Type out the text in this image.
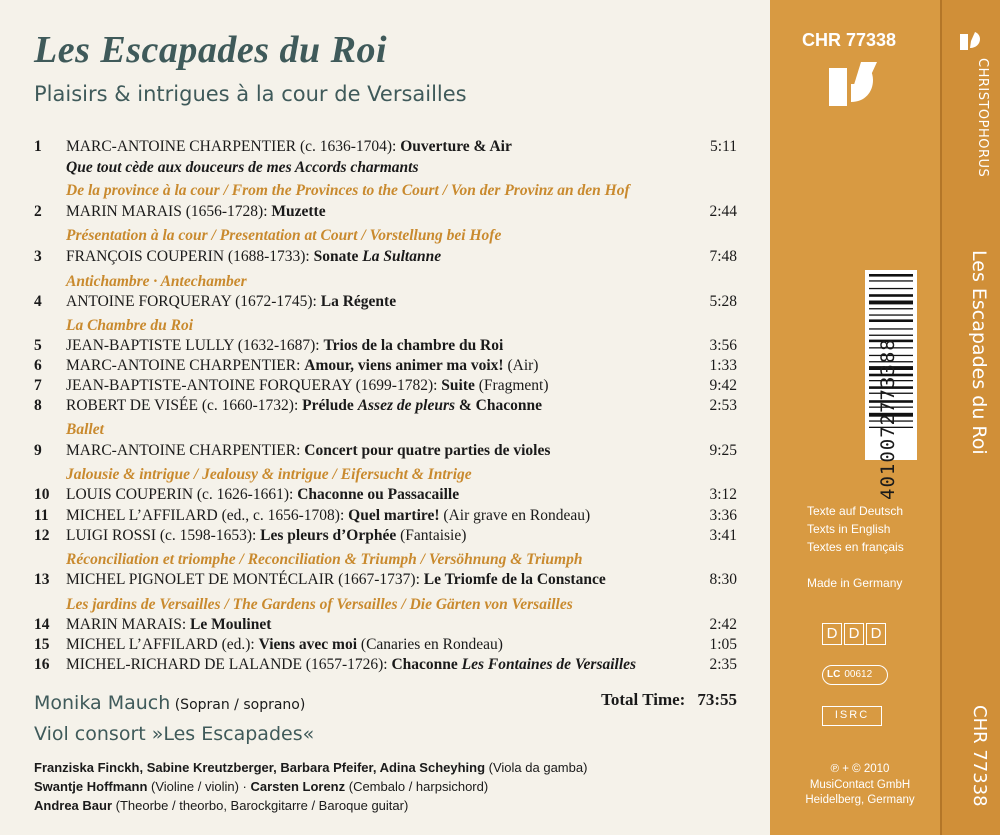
Les Escapades du Roi
Plaisirs & intrigues à la cour de Versailles
1 MARC-ANTOINE CHARPENTIER (c. 1636-1704): Ouverture & Air	5:11
Que tout cède aux douceurs de mes Accords charmants
De la province à la cour / From the Provinces to the Court / Von der Provinz an den Hof
2 MARIN MARAIS (1656-1728): Muzette	2:44
Présentation à la cour / Presentation at Court / Vorstellung bei Hofe
3 FRANÇOIS COUPERIN (1688-1733): Sonate La Sultanne	7:48
Antichambre · Antechamber
4 ANTOINE FORQUERAY (1672-1745): La Régente	5:28
La Chambre du Roi
5 JEAN-BAPTISTE LULLY (1632-1687): Trios de la chambre du Roi	3:56
6 MARC-ANTOINE CHARPENTIER: Amour, viens animer ma voix! (Air)	1:33
7 JEAN-BAPTISTE-ANTOINE FORQUERAY (1699-1782): Suite (Fragment)	9:42
8 ROBERT DE VISÉE (c. 1660-1732): Prélude Assez de pleurs & Chaconne	2:53
Ballet
9 MARC-ANTOINE CHARPENTIER: Concert pour quatre parties de violes	9:25
Jalousie & intrigue / Jealousy & intrigue / Eifersucht & Intrige
10 LOUIS COUPERIN (c. 1626-1661): Chaconne ou Passacaille	3:12
11 MICHEL L’AFFILARD (ed., c. 1656-1708): Quel martire! (Air grave en Rondeau)	3:36
12 LUIGI ROSSI (c. 1598-1653): Les pleurs d’Orphée (Fantaisie)	3:41
Réconciliation et triomphe / Reconciliation & Triumph / Versöhnung & Triumph
13 MICHEL PIGNOLET DE MONTÉCLAIR (1667-1737): Le Triomfe de la Constance	8:30
Les jardins de Versailles / The Gardens of Versailles / Die Gärten von Versailles
14 MARIN MARAIS: Le Moulinet	2:42
15 MICHEL L’AFFILARD (ed.): Viens avec moi (Canaries en Rondeau)	1:05
16 MICHEL-RICHARD DE LALANDE (1657-1726): Chaconne Les Fontaines de Versailles	2:35
Total Time: 73:55
Monika Mauch (Sopran / soprano)
Viol consort »Les Escapades«
Franziska Finckh, Sabine Kreutzberger, Barbara Pfeifer, Adina Scheyhing (Viola da gamba)
Swantje Hoffmann (Violine / violin) · Carsten Lorenz (Cembalo / harpsichord)
Andrea Baur (Theorbe / theorbo, Barockgitarre / Baroque guitar)
CHR 77338
4010072773388
Texte auf Deutsch
Texts in English
Textes en français
Made in Germany
D D D
LC 00612
ISRC
℗ + © 2010
MusiContact GmbH
Heidelberg, Germany
CHRISTOPHORUS
Les Escapades du Roi
CHR 77338
